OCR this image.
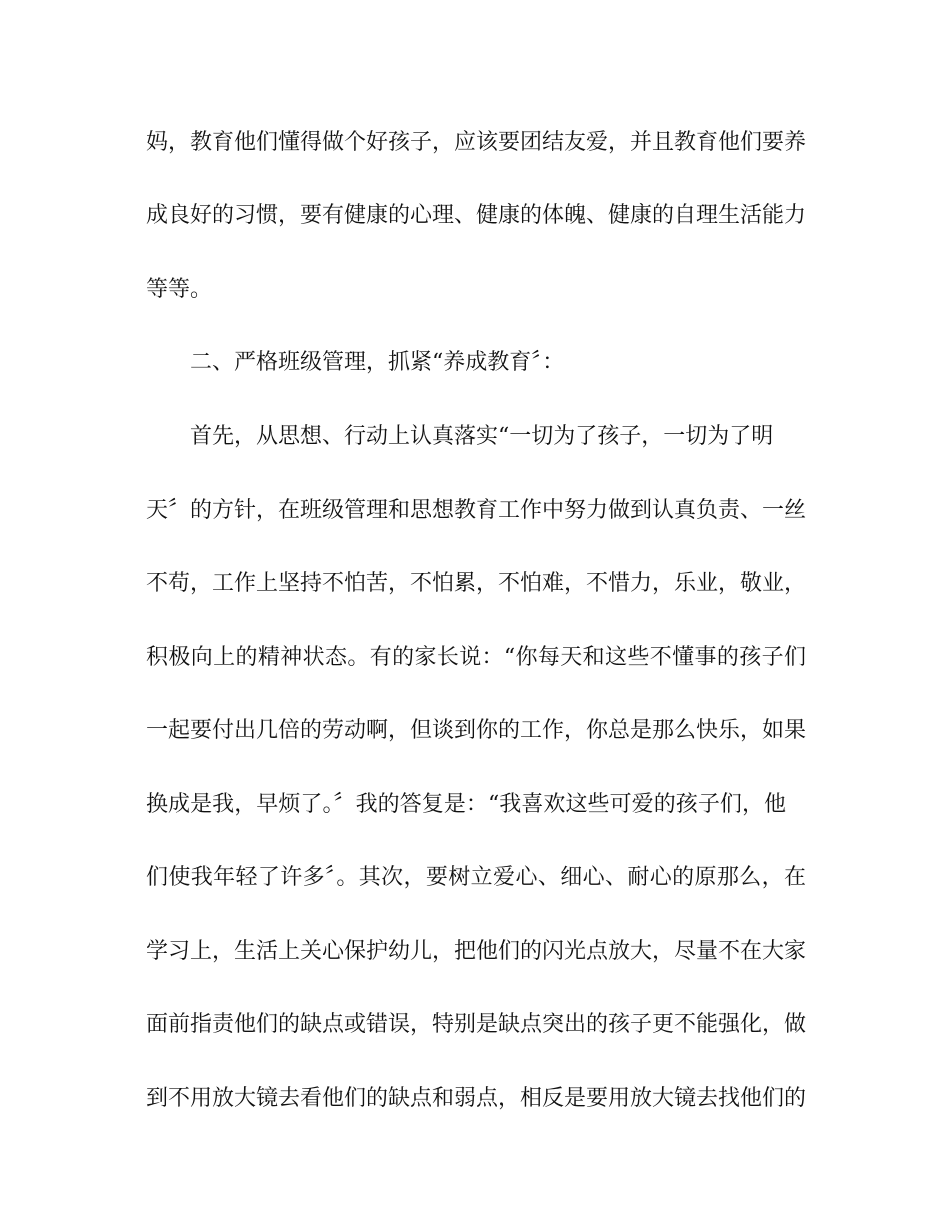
妈，教育他们懂得做个好孩子，应该要团结友爱，并且教育他们要养
成良好的习惯，要有健康的心理、健康的体魄、健康的自理生活能力
等等。
二、严格班级管理，抓紧“养成教育〞：
首先，从思想、行动上认真落实“一切为了孩子，一切为了明
天〞的方针，在班级管理和思想教育工作中努力做到认真负责、一丝
不苟，工作上坚持不怕苦，不怕累，不怕难，不惜力，乐业，敬业，
积极向上的精神状态。有的家长说：“你每天和这些不懂事的孩子们
一起要付出几倍的劳动啊，但谈到你的工作，你总是那么快乐，如果
换成是我，早烦了。〞我的答复是：“我喜欢这些可爱的孩子们，他
们使我年轻了许多〞。其次，要树立爱心、细心、耐心的原那么，在
学习上，生活上关心保护幼儿，把他们的闪光点放大，尽量不在大家
面前指责他们的缺点或错误，特别是缺点突出的孩子更不能强化，做
到不用放大镜去看他们的缺点和弱点，相反是要用放大镜去找他们的
